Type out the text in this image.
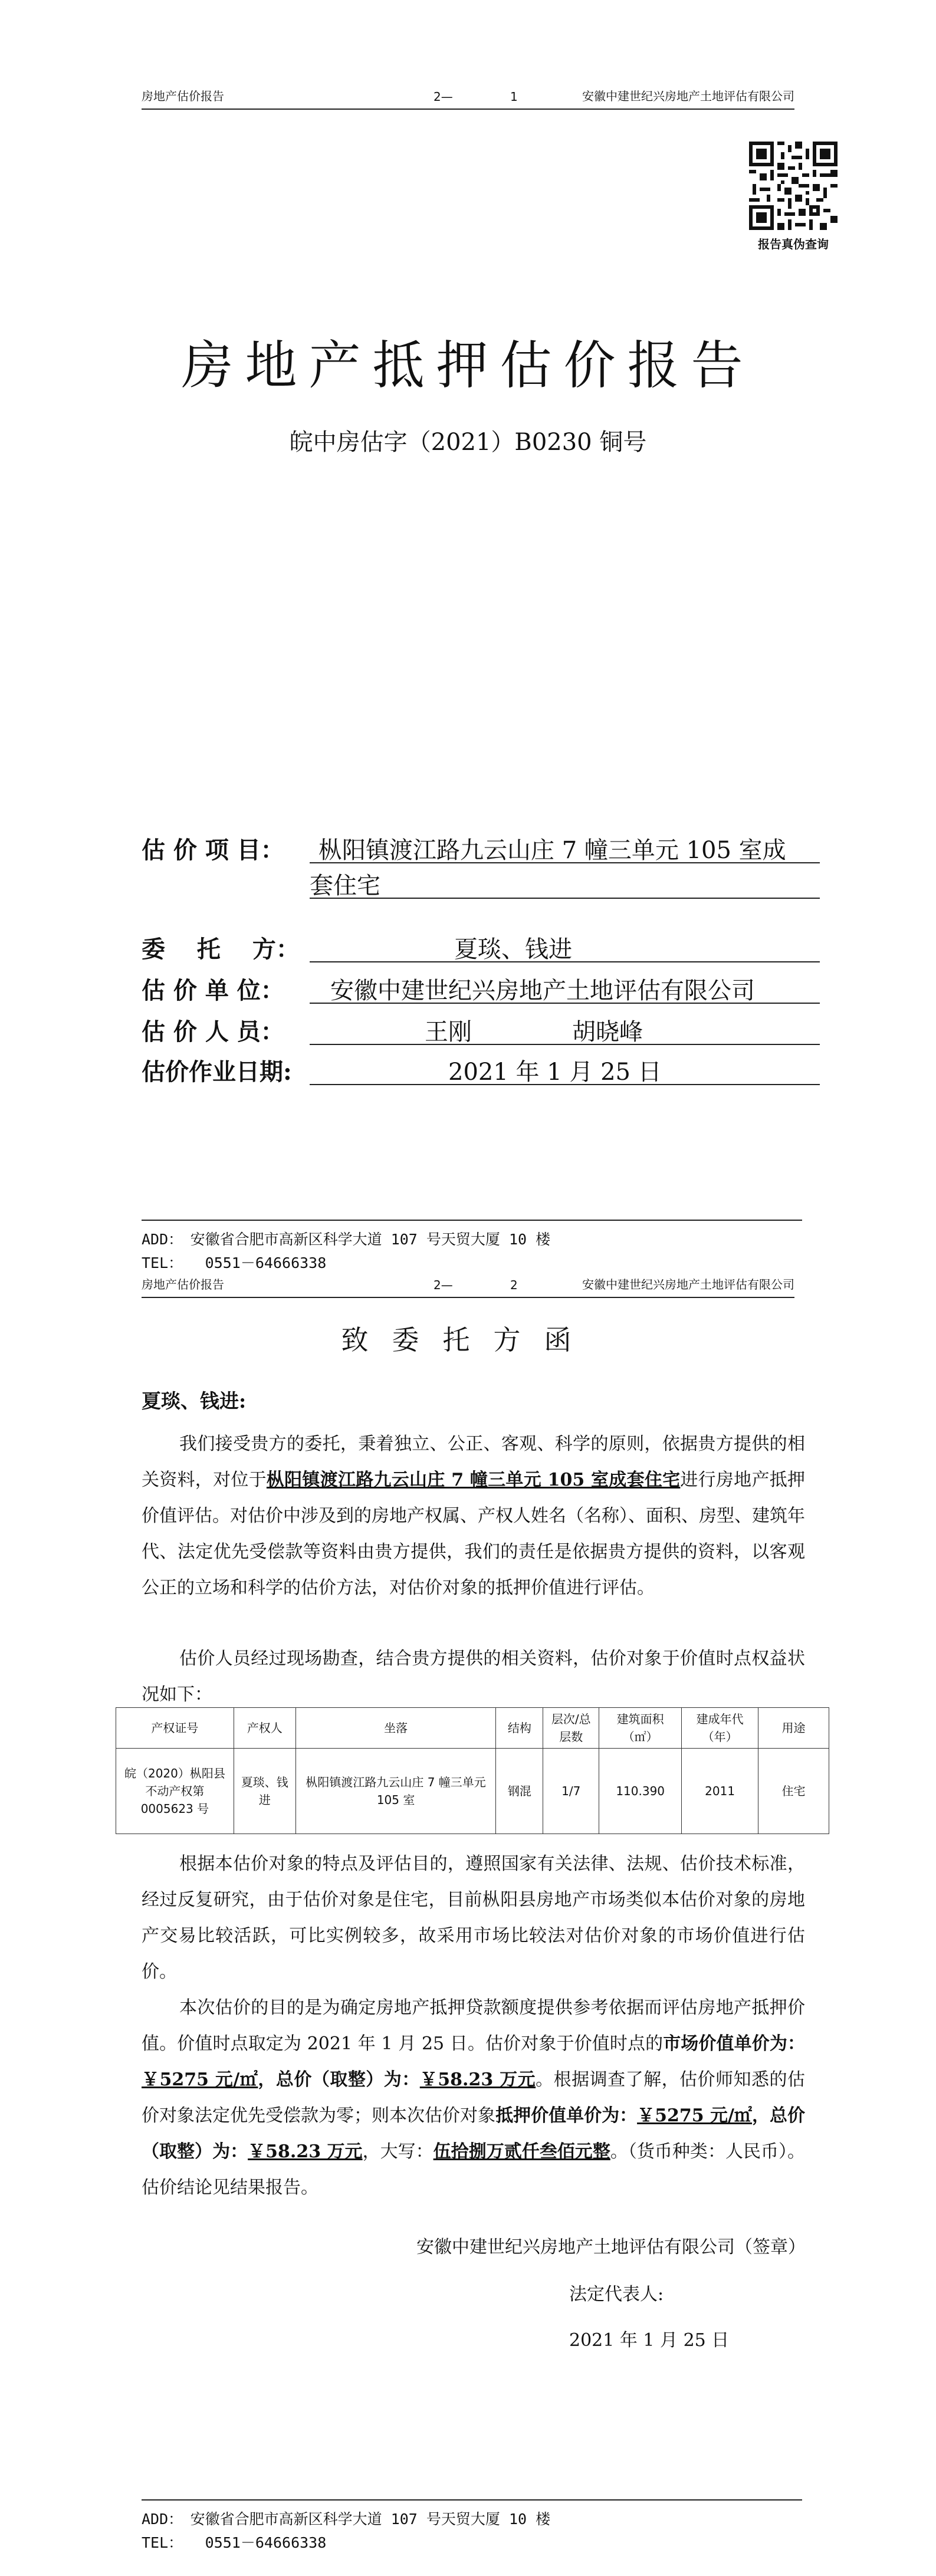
房地产估价报告	2—	1	安徽中建世纪兴房地产土地评估有限公司
报告真伪查询
房地产抵押估价报告
皖中房估字（2021）B0230 铜号
估 价 项 目： 枞阳镇渡江路九云山庄 7 幢三单元 105 室成
套住宅
委　 托　 方：	夏琰、钱进
估 价 单 位： 安徽中建世纪兴房地产土地评估有限公司
估 价 人 员：	王刚	胡晓峰
估价作业日期:	2021 年 1 月 25 日
ADD：　安徽省合肥市高新区科学大道 107 号天贸大厦 10 楼
TEL：　　0551－64666338
房地产估价报告	2—	2	安徽中建世纪兴房地产土地评估有限公司
致委托方函
夏琰、钱进:
我们接受贵方的委托，秉着独立、公正、客观、科学的原则，依据贵方提供的相关资料，对位于枞阳镇渡江路九云山庄 7 幢三单元 105 室成套住宅进行房地产抵押价值评估。对估价中涉及到的房地产权属、产权人姓名（名称）、面积、房型、建筑年代、法定优先受偿款等资料由贵方提供，我们的责任是依据贵方提供的资料，以客观公正的立场和科学的估价方法，对估价对象的抵押价值进行评估。
估价人员经过现场勘查，结合贵方提供的相关资料，估价对象于价值时点权益状况如下：
产权证号	产权人	坐落	结构	层次/总层数	建筑面积（㎡）	建成年代（年）	用途
皖（2020）枞阳县不动产权第0005623 号	夏琰、钱进	枞阳镇渡江路九云山庄 7 幢三单元 105 室	钢混	1/7	110.390	2011	住宅
根据本估价对象的特点及评估目的，遵照国家有关法律、法规、估价技术标准，经过反复研究，由于估价对象是住宅，目前枞阳县房地产市场类似本估价对象的房地产交易比较活跃，可比实例较多，故采用市场比较法对估价对象的市场价值进行估价。
本次估价的目的是为确定房地产抵押贷款额度提供参考依据而评估房地产抵押价值。价值时点取定为 2021 年 1 月 25 日。估价对象于价值时点的市场价值单价为：￥5275 元/㎡，总价（取整）为：￥58.23 万元。根据调查了解，估价师知悉的估价对象法定优先受偿款为零；则本次估价对象抵押价值单价为：￥5275 元/㎡，总价（取整）为：￥58.23 万元，大写：伍拾捌万贰仟叁佰元整。（货币种类：人民币）。估价结论见结果报告。
安徽中建世纪兴房地产土地评估有限公司（签章）
法定代表人:
2021 年 1 月 25 日
ADD：　安徽省合肥市高新区科学大道 107 号天贸大厦 10 楼
TEL：　　0551－64666338
